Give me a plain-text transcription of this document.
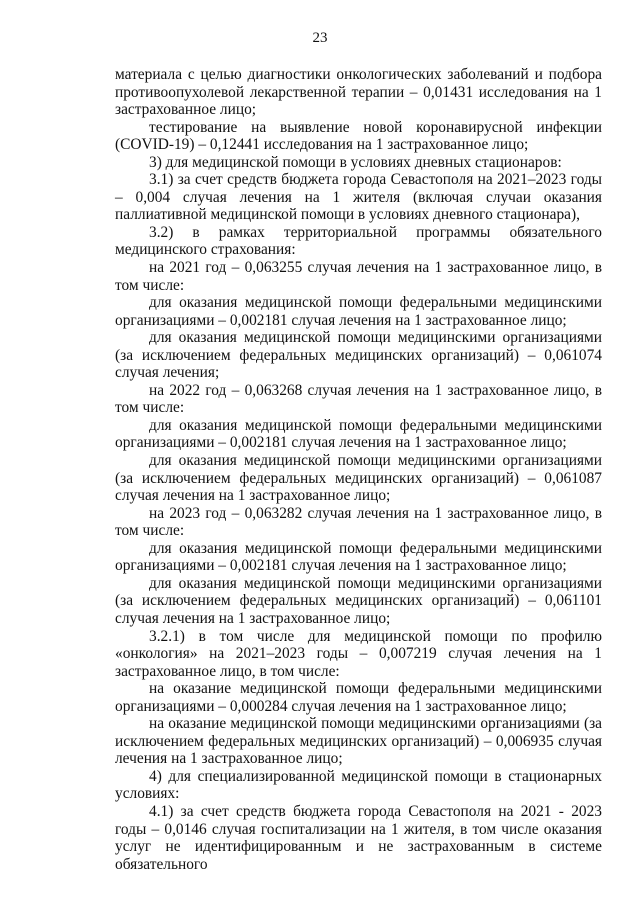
23

материала с целью диагностики онкологических заболеваний и подбора противоопухолевой лекарственной терапии – 0,01431 исследования на 1 застрахованное лицо;

тестирование на выявление новой коронавирусной инфекции (COVID-19) – 0,12441 исследования на 1 застрахованное лицо;

3) для медицинской помощи в условиях дневных стационаров:

3.1) за счет средств бюджета города Севастополя на 2021–2023 годы – 0,004 случая лечения на 1 жителя (включая случаи оказания паллиативной медицинской помощи в условиях дневного стационара),

3.2) в рамках территориальной программы обязательного медицинского страхования:

на 2021 год – 0,063255 случая лечения на 1 застрахованное лицо, в том числе:

для оказания медицинской помощи федеральными медицинскими организациями – 0,002181 случая лечения на 1 застрахованное лицо;

для оказания медицинской помощи медицинскими организациями (за исключением федеральных медицинских организаций) – 0,061074 случая лечения;

на 2022 год – 0,063268 случая лечения на 1 застрахованное лицо, в том числе:

для оказания медицинской помощи федеральными медицинскими организациями – 0,002181 случая лечения на 1 застрахованное лицо;

для оказания медицинской помощи медицинскими организациями (за исключением федеральных медицинских организаций) – 0,061087 случая лечения на 1 застрахованное лицо;

на 2023 год – 0,063282 случая лечения на 1 застрахованное лицо, в том числе:

для оказания медицинской помощи федеральными медицинскими организациями – 0,002181 случая лечения на 1 застрахованное лицо;

для оказания медицинской помощи медицинскими организациями (за исключением федеральных медицинских организаций) – 0,061101 случая лечения на 1 застрахованное лицо;

3.2.1) в том числе для медицинской помощи по профилю «онкология» на 2021–2023 годы – 0,007219 случая лечения на 1 застрахованное лицо, в том числе:

на оказание медицинской помощи федеральными медицинскими организациями – 0,000284 случая лечения на 1 застрахованное лицо;

на оказание медицинской помощи медицинскими организациями (за исключением федеральных медицинских организаций) – 0,006935 случая лечения на 1 застрахованное лицо;

4) для специализированной медицинской помощи в стационарных условиях:

4.1) за счет средств бюджета города Севастополя на 2021 - 2023 годы – 0,0146 случая госпитализации на 1 жителя, в том числе оказания услуг не идентифицированным и не застрахованным в системе обязательного
